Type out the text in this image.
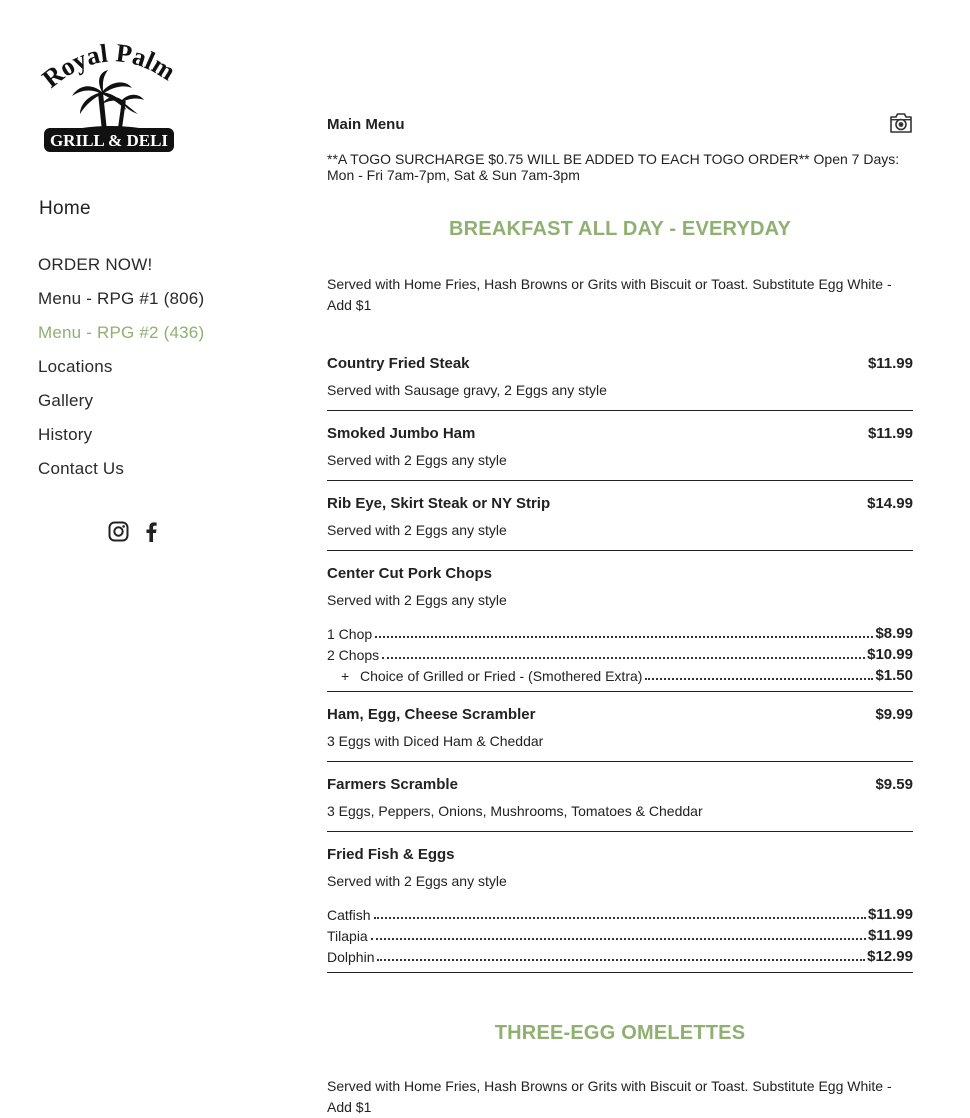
Royal Palm
GRILL & DELI
Home
ORDER NOW!
Menu - RPG #1 (806)
Menu - RPG #2 (436)
Locations
Gallery
History
Contact Us
Main Menu
**A TOGO SURCHARGE $0.75 WILL BE ADDED TO EACH TOGO ORDER** Open 7 Days: Mon - Fri 7am-7pm, Sat & Sun 7am-3pm
BREAKFAST ALL DAY - EVERYDAY
Served with Home Fries, Hash Browns or Grits with Biscuit or Toast. Substitute Egg White - Add $1
Country Fried Steak	$11.99
Served with Sausage gravy, 2 Eggs any style
Smoked Jumbo Ham	$11.99
Served with 2 Eggs any style
Rib Eye, Skirt Steak or NY Strip	$14.99
Served with 2 Eggs any style
Center Cut Pork Chops
Served with 2 Eggs any style
1 Chop	$8.99
2 Chops	$10.99
+ Choice of Grilled or Fried - (Smothered Extra)	$1.50
Ham, Egg, Cheese Scrambler	$9.99
3 Eggs with Diced Ham & Cheddar
Farmers Scramble	$9.59
3 Eggs, Peppers, Onions, Mushrooms, Tomatoes & Cheddar
Fried Fish & Eggs
Served with 2 Eggs any style
Catfish	$11.99
Tilapia	$11.99
Dolphin	$12.99
THREE-EGG OMELETTES
Served with Home Fries, Hash Browns or Grits with Biscuit or Toast. Substitute Egg White - Add $1
